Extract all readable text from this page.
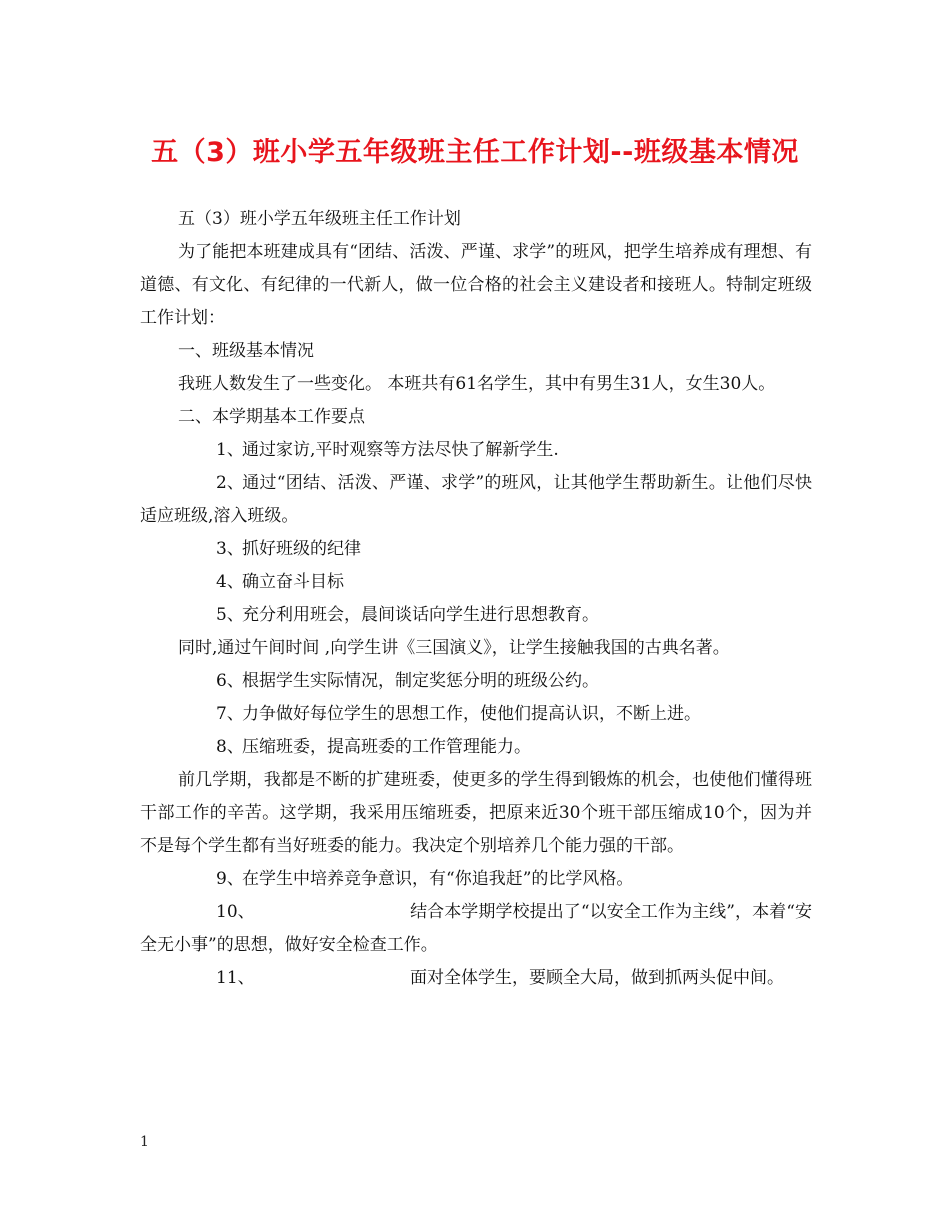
五（3）班小学五年级班主任工作计划--班级基本情况

五（3）班小学五年级班主任工作计划

为了能把本班建成具有“团结、活泼、严谨、求学”的班风，把学生培养成有理想、有道德、有文化、有纪律的一代新人，做一位合格的社会主义建设者和接班人。特制定班级工作计划：

一、班级基本情况

我班人数发生了一些变化。 本班共有61名学生，其中有男生31人，女生30人。

二、本学期基本工作要点

1、通过家访,平时观察等方法尽快了解新学生.

2、通过“团结、活泼、严谨、求学”的班风，让其他学生帮助新生。让他们尽快适应班级,溶入班级。

3、抓好班级的纪律

4、确立奋斗目标

5、充分利用班会，晨间谈话向学生进行思想教育。

同时,通过午间时间 ,向学生讲《三国演义》，让学生接触我国的古典名著。

6、根据学生实际情况，制定奖惩分明的班级公约。

7、力争做好每位学生的思想工作，使他们提高认识，不断上进。

8、压缩班委，提高班委的工作管理能力。

前几学期，我都是不断的扩建班委，使更多的学生得到锻炼的机会，也使他们懂得班干部工作的辛苦。这学期，我采用压缩班委，把原来近30个班干部压缩成10个，因为并不是每个学生都有当好班委的能力。我决定个别培养几个能力强的干部。

9、在学生中培养竞争意识，有“你追我赶”的比学风格。

10、	结合本学期学校提出了“以安全工作为主线”，本着“安全无小事”的思想，做好安全检查工作。

11、	面对全体学生，要顾全大局，做到抓两头促中间。

1
